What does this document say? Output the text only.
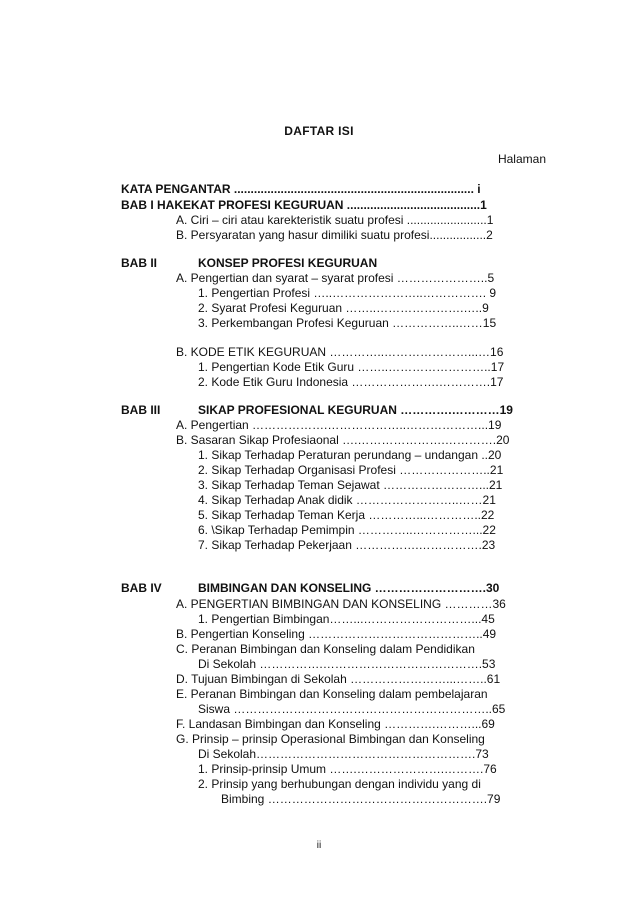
DAFTAR ISI
Halaman
KATA PENGANTAR ........................................................................ i
BAB I HAKEKAT PROFESI KEGURUAN ........................................1
A. Ciri – ciri atau karekteristik suatu profesi ........................1
B. Persyaratan yang hasur dimiliki suatu profesi.................2
BAB II	KONSEP PROFESI KEGURUAN
A. Pengertian dan syarat – syarat profesi …………………..5
1. Pengertian Profesi …..…………………..……………. 9
2. Syarat Profesi Keguruan ……..………………….…..9
3. Perkembangan Profesi Keguruan ……………..……15
B. KODE ETIK KEGURUAN …………..…………………...…16
1. Pengertian Kode Etik Guru ……..……………………..17
2. Kode Etik Guru Indonesia ………………….………….17
BAB III	SIKAP PROFESIONAL KEGURUAN ………….…………19
A. Pengertian ……………….………………..………………...19
B. Sasaran Sikap Profesiaonal ….………………….………….20
1. Sikap Terhadap Peraturan perundang – undangan ..20
2. Sikap Terhadap Organisasi Profesi …………………..21
3. Sikap Terhadap Teman Sejawat ……………………...21
4. Sikap Terhadap Anak didik ……………………..……21
5. Sikap Terhadap Teman Kerja …………...…………..22
6. \Sikap Terhadap Pemimpin …………..……………...22
7. Sikap Terhadap Pekerjaan …………….…………….23
BAB IV	BIMBINGAN DAN KONSELING ……………………….30
A. PENGERTIAN BIMBINGAN DAN KONSELING …………36
1. Pengertian Bimbingan……...………………………...45
B. Pengertian Konseling ……………………………………..49
C. Peranan Bimbingan dan Konseling dalam Pendidikan
Di Sekolah …………….………………………………….53
D. Tujuan Bimbingan di Sekolah ……………………...……..61
E. Peranan Bimbingan dan Konseling dalam pembelajaran
Siswa ………………………………………………………..65
F. Landasan Bimbingan dan Konseling ………….………...69
G. Prinsip – prinsip Operasional Bimbingan dan Konseling
Di Sekolah……………………………………………….73
1. Prinsip-prinsip Umum …….………………….……….76
2. Prinsip yang berhubungan dengan individu yang di
Bimbing ……………………………………………….79
ii
